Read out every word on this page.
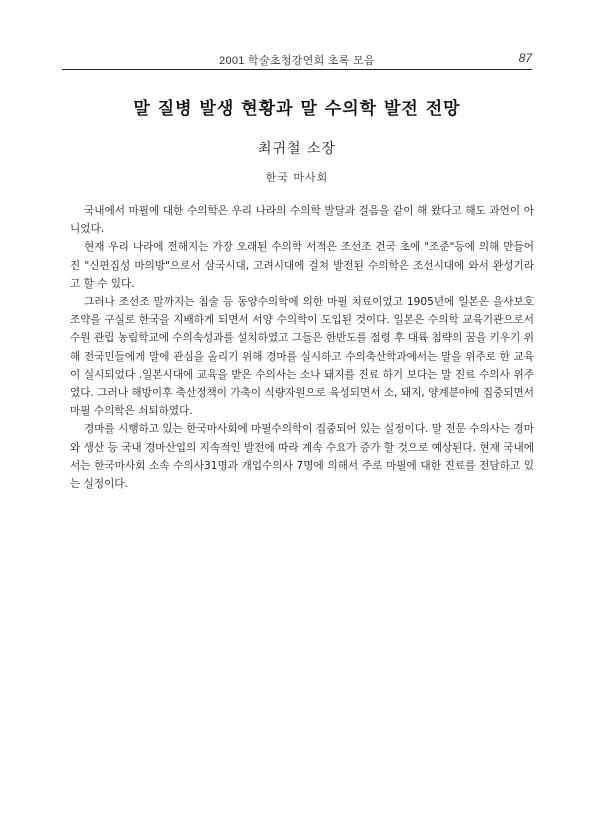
2001 학술초청강연회 초록 모음	87
말 질병 발생 현황과 말 수의학 발전 전망
최귀철 소장
한국 마사회

국내에서 마필에 대한 수의학은 우리 나라의 수의학 발달과 걸음을 같이 해 왔다고 해도 과언이 아니었다.

현재 우리 나라에 전해지는 가장 오래된 수의학 서적은 조선조 건국 초에 "조준"등에 의해 만들어진 "신편집성 마의방"으로서 삼국시대, 고려시대에 걸쳐 발전된 수의학은 조선시대에 와서 완성기라고 할 수 있다.

그러나 조선조 말까지는 침술 등 동양수의학에 의한 마필 치료이었고 1905년에 일본은 을사보호조약을 구실로 한국을 지배하게 되면서 서양 수의학이 도입된 것이다. 일본은 수의학 교육기관으로서 수원 관립 농림학교에 수의속성과를 설치하였고 그들은 한반도를 점령 후 대륙 침략의 꿈을 키우기 위해 전국민들에게 말에 관심을 올리기 위해 경마를 실시하고 수의축산학과에서는 말을 위주로 한 교육이 실시되었다 .일본시대에 교육을 받은 수의사는 소나 돼지를 진료 하기 보다는 말 진료 수의사 위주였다. 그러나 해방이후 축산정책이 가축이 식량자원으로 육성되면서 소, 돼지, 양계분야에 집중되면서 마필 수의학은 쇠퇴하였다.

경마를 시행하고 있는 한국마사회에 마필수의학이 집중되어 있는 실정이다. 말 전문 수의사는 경마와 생산 등 국내 경마산업의 지속적인 발전에 따라 계속 수요가 증가 할 것으로 예상된다. 현재 국내에서는 한국마사회 소속 수의사31명과 개업수의사 7명에 의해서 주로 마필에 대한 진료를 전담하고 있는 실정이다.
